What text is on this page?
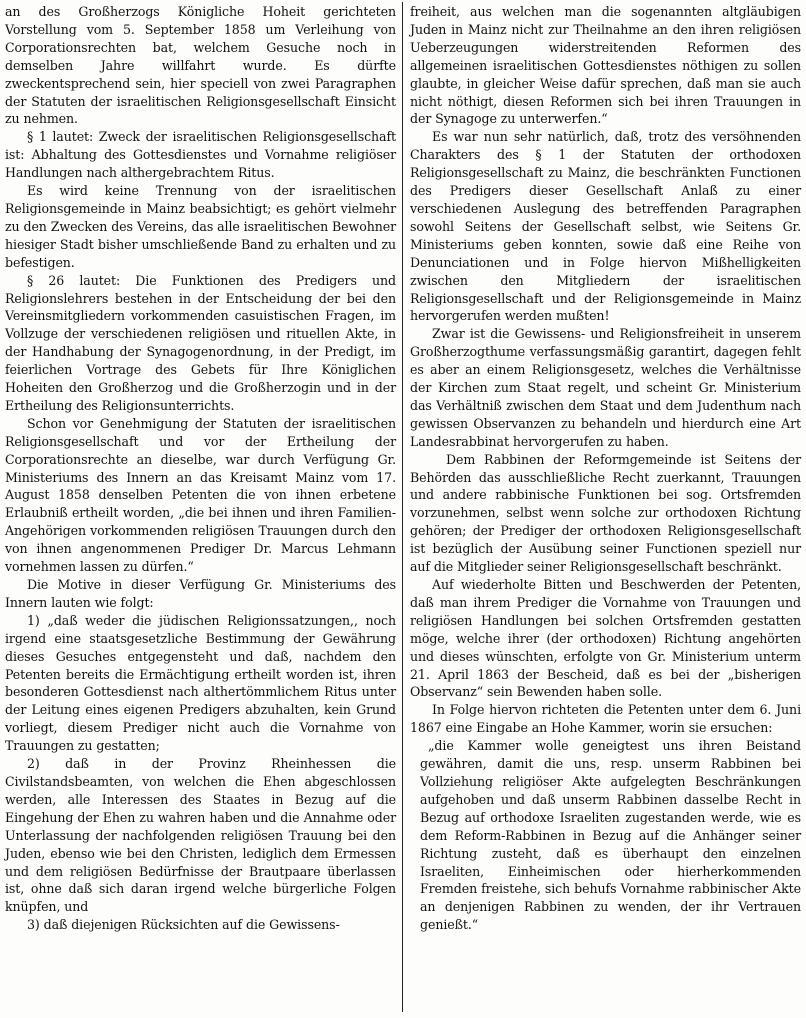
an des Großherzogs Königliche Hoheit gerichteten Vorstellung vom 5. September 1858 um Verleihung von Corporationsrechten bat, welchem Gesuche noch in demselben Jahre willfahrt wurde. Es dürfte zweckentsprechend sein, hier speciell von zwei Paragraphen der Statuten der israelitischen Religionsgesellschaft Einsicht zu nehmen.

§ 1 lautet: Zweck der israelitischen Religionsgesellschaft ist: Abhaltung des Gottesdienstes und Vornahme religiöser Handlungen nach althergebrachtem Ritus.

Es wird keine Trennung von der israelitischen Religionsgemeinde in Mainz beabsichtigt; es gehört vielmehr zu den Zwecken des Vereins, das alle israelitischen Bewohner hiesiger Stadt bisher umschließende Band zu erhalten und zu befestigen.

§ 26 lautet: Die Funktionen des Predigers und Religionslehrers bestehen in der Entscheidung der bei den Vereinsmitgliedern vorkommenden casuistischen Fragen, im Vollzuge der verschiedenen religiösen und rituellen Akte, in der Handhabung der Synagogenordnung, in der Predigt, im feierlichen Vortrage des Gebets für Ihre Königlichen Hoheiten den Großherzog und die Großherzogin und in der Ertheilung des Religionsunterrichts.

Schon vor Genehmigung der Statuten der israelitischen Religionsgesellschaft und vor der Ertheilung der Corporationsrechte an dieselbe, war durch Verfügung Gr. Ministeriums des Innern an das Kreisamt Mainz vom 17. August 1858 denselben Petenten die von ihnen erbetene Erlaubniß ertheilt worden, „die bei ihnen und ihren Familien-Angehörigen vorkommenden religiösen Trauungen durch den von ihnen angenommenen Prediger Dr. Marcus Lehmann vornehmen lassen zu dürfen.“

Die Motive in dieser Verfügung Gr. Ministeriums des Innern lauten wie folgt:

1) „daß weder die jüdischen Religionssatzungen,, noch irgend eine staatsgesetzliche Bestimmung der Gewährung dieses Gesuches entgegensteht und daß, nachdem den Petenten bereits die Ermächtigung ertheilt worden ist, ihren besonderen Gottesdienst nach althertömmlichem Ritus unter der Leitung eines eigenen Predigers abzuhalten, kein Grund vorliegt, diesem Prediger nicht auch die Vornahme von Trauungen zu gestatten;

2) daß in der Provinz Rheinhessen die Civilstandsbeamten, von welchen die Ehen abgeschlossen werden, alle Interessen des Staates in Bezug auf die Eingehung der Ehen zu wahren haben und die Annahme oder Unterlassung der nachfolgenden religiösen Trauung bei den Juden, ebenso wie bei den Christen, lediglich dem Ermessen und dem religiösen Bedürfnisse der Brautpaare überlassen ist, ohne daß sich daran irgend welche bürgerliche Folgen knüpfen, und

3) daß diejenigen Rücksichten auf die Gewissens-

freiheit, aus welchen man die sogenannten altgläubigen Juden in Mainz nicht zur Theilnahme an den ihren religiösen Ueberzeugungen widerstreitenden Reformen des allgemeinen israelitischen Gottesdienstes nöthigen zu sollen glaubte, in gleicher Weise dafür sprechen, daß man sie auch nicht nöthigt, diesen Reformen sich bei ihren Trauungen in der Synagoge zu unterwerfen.“

Es war nun sehr natürlich, daß, trotz des versöhnenden Charakters des § 1 der Statuten der orthodoxen Religionsgesellschaft zu Mainz, die beschränkten Functionen des Predigers dieser Gesellschaft Anlaß zu einer verschiedenen Auslegung des betreffenden Paragraphen sowohl Seitens der Gesellschaft selbst, wie Seitens Gr. Ministeriums geben konnten, sowie daß eine Reihe von Denunciationen und in Folge hiervon Mißhelligkeiten zwischen den Mitgliedern der israelitischen Religionsgesellschaft und der Religionsgemeinde in Mainz hervorgerufen werden mußten!

Zwar ist die Gewissens- und Religionsfreiheit in unserem Großherzogthume verfassungsmäßig garantirt, dagegen fehlt es aber an einem Religionsgesetz, welches die Verhältnisse der Kirchen zum Staat regelt, und scheint Gr. Ministerium das Verhältniß zwischen dem Staat und dem Judenthum nach gewissen Observanzen zu behandeln und hierdurch eine Art Landesrabbinat hervorgerufen zu haben.

Dem Rabbinen der Reformgemeinde ist Seitens der Behörden das ausschließliche Recht zuerkannt, Trauungen und andere rabbinische Funktionen bei sog. Ortsfremden vorzunehmen, selbst wenn solche zur orthodoxen Richtung gehören; der Prediger der orthodoxen Religionsgesellschaft ist bezüglich der Ausübung seiner Functionen speziell nur auf die Mitglieder seiner Religionsgesellschaft beschränkt.

Auf wiederholte Bitten und Beschwerden der Petenten, daß man ihrem Prediger die Vornahme von Trauungen und religiösen Handlungen bei solchen Ortsfremden gestatten möge, welche ihrer (der orthodoxen) Richtung angehörten und dieses wünschten, erfolgte von Gr. Ministerium unterm 21. April 1863 der Bescheid, daß es bei der „bisherigen Observanz“ sein Bewenden haben solle.

In Folge hiervon richteten die Petenten unter dem 6. Juni 1867 eine Eingabe an Hohe Kammer, worin sie ersuchen:

„die Kammer wolle geneigtest uns ihren Beistand gewähren, damit die uns, resp. unserm Rabbinen bei Vollziehung religiöser Akte aufgelegten Beschränkungen aufgehoben und daß unserm Rabbinen dasselbe Recht in Bezug auf orthodoxe Israeliten zugestanden werde, wie es dem Reform-Rabbinen in Bezug auf die Anhänger seiner Richtung zusteht, daß es überhaupt den einzelnen Israeliten, Einheimischen oder hierherkommenden Fremden freistehe, sich behufs Vornahme rabbinischer Akte an denjenigen Rabbinen zu wenden, der ihr Vertrauen genießt.“
